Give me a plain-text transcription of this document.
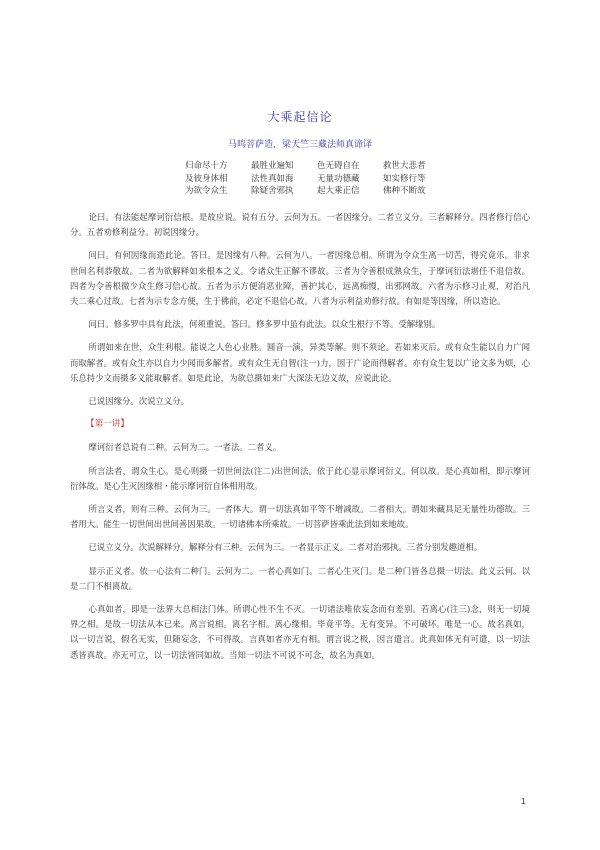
大乘起信论
马鸣菩萨造，梁天竺三藏法师真谛译
归命尽十方	最胜业遍知	色无碍自在	救世大悲者
及彼身体相	法性真如海	无量功德藏	如实修行等
为欲令众生	除疑舍邪执	起大乘正信	佛种不断故

论曰。有法能起摩诃衍信根。是故应说。说有五分。云何为五。一者因缘分。二者立义分。三者解释分。四者修行信心分。五者劝修利益分。初说因缘分。

问曰。有何因缘而造此论。答曰。是因缘有八种。云何为八。一者因缘总相。所谓为令众生离一切苦，得究竟乐。非求世间名利恭敬故。二者为欲解释如来根本之义。令诸众生正解不谬故。三者为令善根成熟众生，于摩诃衍法堪任不退信故。四者为令善根微少众生修习信心故。五者为示方便消恶业障，善护其心，远离痴慢，出邪网故。六者为示修习止观，对治凡夫二乘心过故。七者为示专念方便，生于佛前，必定不退信心故。八者为示利益劝修行故。有如是等因缘，所以造论。

问曰。修多罗中具有此法，何须重说。答曰。修多罗中虽有此法。以众生根行不等。受解缘别。

所谓如来在世，众生利根。能说之人色心业胜。圆音一演，异类等解。则不须论。若如来灭后。或有众生能以自力广闻而取解者。或有众生亦以自力少闻而多解者。或有众生无自智(注一)力，因于广论而得解者。亦有众生复以广论文多为烦，心乐总持少文而摄多义能取解者。如是此论，为欲总摄如来广大深法无边义故，应说此论。

已说因缘分。次说立义分。

【第一讲】

摩诃衍者总说有二种。云何为二。一者法。二者义。

所言法者，谓众生心。是心则摄一切世间法(注二)出世间法。依于此心显示摩诃衍义。何以故。是心真如相，即示摩诃衍体故。是心生灭因缘相・能示摩诃衍自体相用故。

所言义者，则有三种。云何为三。一者体大。谓一切法真如平等不增减故。二者相大。谓如来藏具足无量性功德故。三者用大。能生一切世间出世间善因果故。一切诸佛本所乘故。一切菩萨皆乘此法到如来地故。

已说立义分。次说解释分，解释分有三种。云何为三。一者显示正义。二者对治邪执。三者分别发趣道相。

显示正义者。依一心法有二种门。云何为二。一者心真如门。二者心生灭门。是二种门皆各总摄一切法。此义云何。以是二门不相离故。

心真如者，即是一法界大总相法门体。所谓心性不生不灭。一切诸法唯依妄念而有差别。若离心(注三)念，则无一切境界之相。是故一切法从本已来。离言说相。离名字相。离心缘相。毕竟平等。无有变异。不可破坏。唯是一心。故名真如，以一切言说，假名无实，但随妄念，不可得故。言真如者亦无有相。谓言说之极，因言遣言。此真如体无有可遣，以一切法悉皆真故。亦无可立，以一切法皆同如故。当知一切法不可说不可念，故名为真如。

1
